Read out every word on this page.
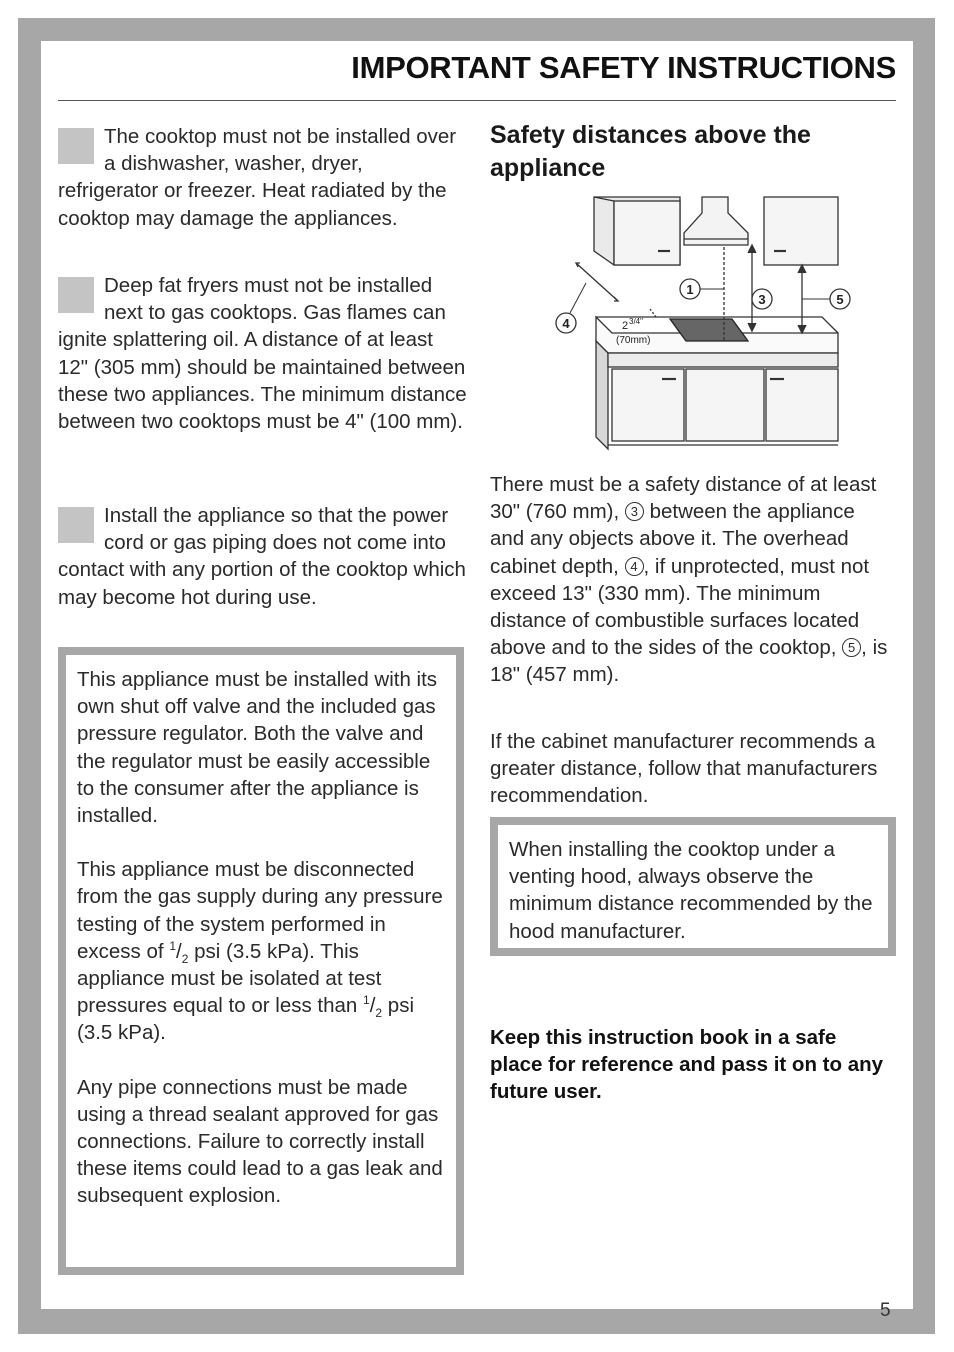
IMPORTANT SAFETY INSTRUCTIONS
The cooktop must not be installed over a dishwasher, washer, dryer, refrigerator or freezer. Heat radiated by the cooktop may damage the appliances.
Deep fat fryers must not be installed next to gas cooktops. Gas flames can ignite splattering oil. A distance of at least 12" (305 mm) should be maintained between these two appliances. The minimum distance between two cooktops must be 4" (100 mm).
Install the appliance so that the power cord or gas piping does not come into contact with any portion of the cooktop which may become hot during use.

This appliance must be installed with its own shut off valve and the included gas pressure regulator. Both the valve and the regulator must be easily accessible to the consumer after the appliance is installed.

This appliance must be disconnected from the gas supply during any pressure testing of the system performed in excess of $^1/_2$ psi (3.5 kPa). This appliance must be isolated at test pressures equal to or less than $^1/_2$ psi (3.5 kPa).

Any pipe connections must be made using a thread sealant approved for gas connections. Failure to correctly install these items could lead to a gas leak and subsequent explosion.

Safety distances above the appliance
1
3
4
5
2 3/4"
(70mm)

There must be a safety distance of at least 30" (760 mm), 3 between the appliance and any objects above it. The overhead cabinet depth, 4 , if unprotected, must not exceed 13" (330 mm). The minimum distance of combustible surfaces located above and to the sides of the cooktop, 5 , is 18" (457 mm).

If the cabinet manufacturer recommends a greater distance, follow that manufacturers recommendation.

When installing the cooktop under a venting hood, always observe the minimum distance recommended by the hood manufacturer.

Keep this instruction book in a safe place for reference and pass it on to any future user.

5
